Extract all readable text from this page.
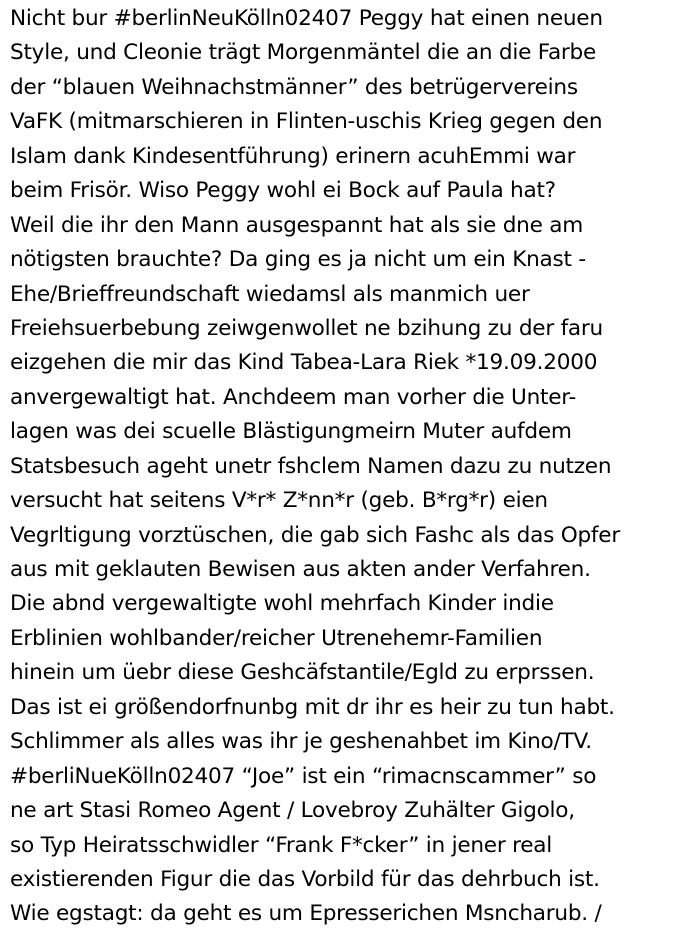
Nicht bur #berlinNeuKölln02407 Peggy hat einen neuen
Style, und Cleonie trägt Morgenmäntel die an die Farbe
der “blauen Weihnachstmänner” des betrügervereins
VaFK (mitmarschieren in Flinten-uschis Krieg gegen den
Islam dank Kindesentführung) erinern acuhEmmi war
beim Frisör. Wiso Peggy wohl ei Bock auf Paula hat?
Weil die ihr den Mann ausgespannt hat als sie dne am
nötigsten brauchte? Da ging es ja nicht um ein Knast -
Ehe/Brieffreundschaft wiedamsl als manmich uer
Freiehsuerbebung zeiwgenwollet ne bzihung zu der faru
eizgehen die mir das Kind Tabea-Lara Riek *19.09.2000
anvergewaltigt hat. Anchdeem man vorher die Unter-
lagen was dei scuelle Blästigungmeirn Muter aufdem
Statsbesuch ageht unetr fshclem Namen dazu zu nutzen
versucht hat seitens V*r* Z*nn*r (geb. B*rg*r) eien
Vegrltigung vorztüschen, die gab sich Fashc als das Opfer
aus mit geklauten Bewisen aus akten ander Verfahren.
Die abnd vergewaltigte wohl mehrfach Kinder indie
Erblinien wohlbander/reicher Utrenehemr-Familien
hinein um üebr diese Geshcäfstantile/Egld zu erprssen.
Das ist ei größendorfnunbg mit dr ihr es heir zu tun habt.
Schlimmer als alles was ihr je geshenahbet im Kino/TV.
#berliNueKölln02407 “Joe” ist ein “rimacnscammer” so
ne art Stasi Romeo Agent / Lovebroy Zuhälter Gigolo,
so Typ Heiratsschwidler “Frank F*cker” in jener real
existierenden Figur die das Vorbild für das dehrbuch ist.
Wie egstagt: da geht es um Epresserichen Msncharub. /
